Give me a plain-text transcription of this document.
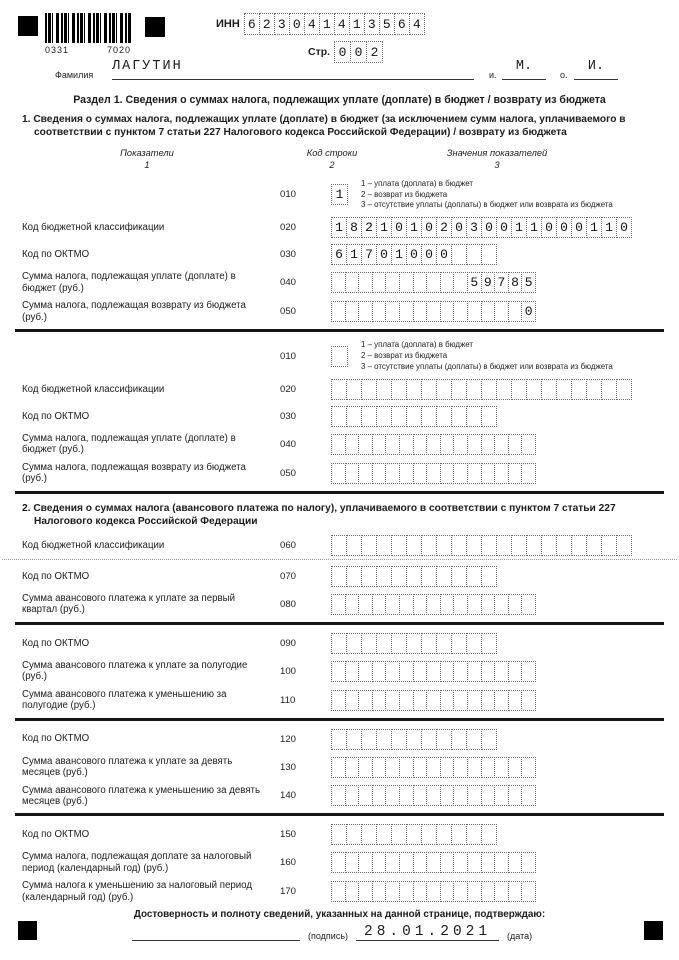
0331	7020
ИНН 6 2 3 0 4 1 4 1 3 5 6 4
Стр. 0 0 2
Фамилия
ЛАГУТИН
и.
М.
о.
И.
Раздел 1. Сведения о суммах налога, подлежащих уплате (доплате) в бюджет / возврату из бюджета
1. Сведения о суммах налога, подлежащих уплате (доплате) в бюджет (за исключением сумм налога, уплачиваемого в соответствии с пунктом 7 статьи 227 Налогового кодекса Российской Федерации) / возврату из бюджета
Показатели
1
Код строки
2
Значения показателей
3
010	1
1 – уплата (доплата) в бюджет
2 – возврат из бюджета
3 – отсутствие уплаты (доплаты) в бюджет или возврата из бюджета
Код бюджетной классификации	020	1 8 2 1 0 1 0 2 0 3 0 0 1 1 0 0 0 1 1 0
Код по ОКТМО	030	6 1 7 0 1 0 0 0
Сумма налога, подлежащая уплате (доплате) в бюджет (руб.)	040	5 9 7 8 5
Сумма налога, подлежащая возврату из бюджета (руб.)	050	0
010
1 – уплата (доплата) в бюджет
2 – возврат из бюджета
3 – отсутствие уплаты (доплаты) в бюджет или возврата из бюджета
Код бюджетной классификации	020
Код по ОКТМО	030
Сумма налога, подлежащая уплате (доплате) в бюджет (руб.)	040
Сумма налога, подлежащая возврату из бюджета (руб.)	050
2. Сведения о суммах налога (авансового платежа по налогу), уплачиваемого в соответствии с пунктом 7 статьи 227 Налогового кодекса Российской Федерации
Код бюджетной классификации	060
Код по ОКТМО	070
Сумма авансового платежа к уплате за первый квартал (руб.)	080
Код по ОКТМО	090
Сумма авансового платежа к уплате за полугодие (руб.)	100
Сумма авансового платежа к уменьшению за полугодие (руб.)	110
Код по ОКТМО	120
Сумма авансового платежа к уплате за девять месяцев (руб.)	130
Сумма авансового платежа к уменьшению за девять месяцев (руб.)	140
Код по ОКТМО	150
Сумма налога, подлежащая доплате за налоговый период (календарный год) (руб.)	160
Сумма налога к уменьшению за налоговый период (календарный год) (руб.)	170
Достоверность и полноту сведений, указанных на данной странице, подтверждаю:
(подпись)	28.01.2021	(дата)
